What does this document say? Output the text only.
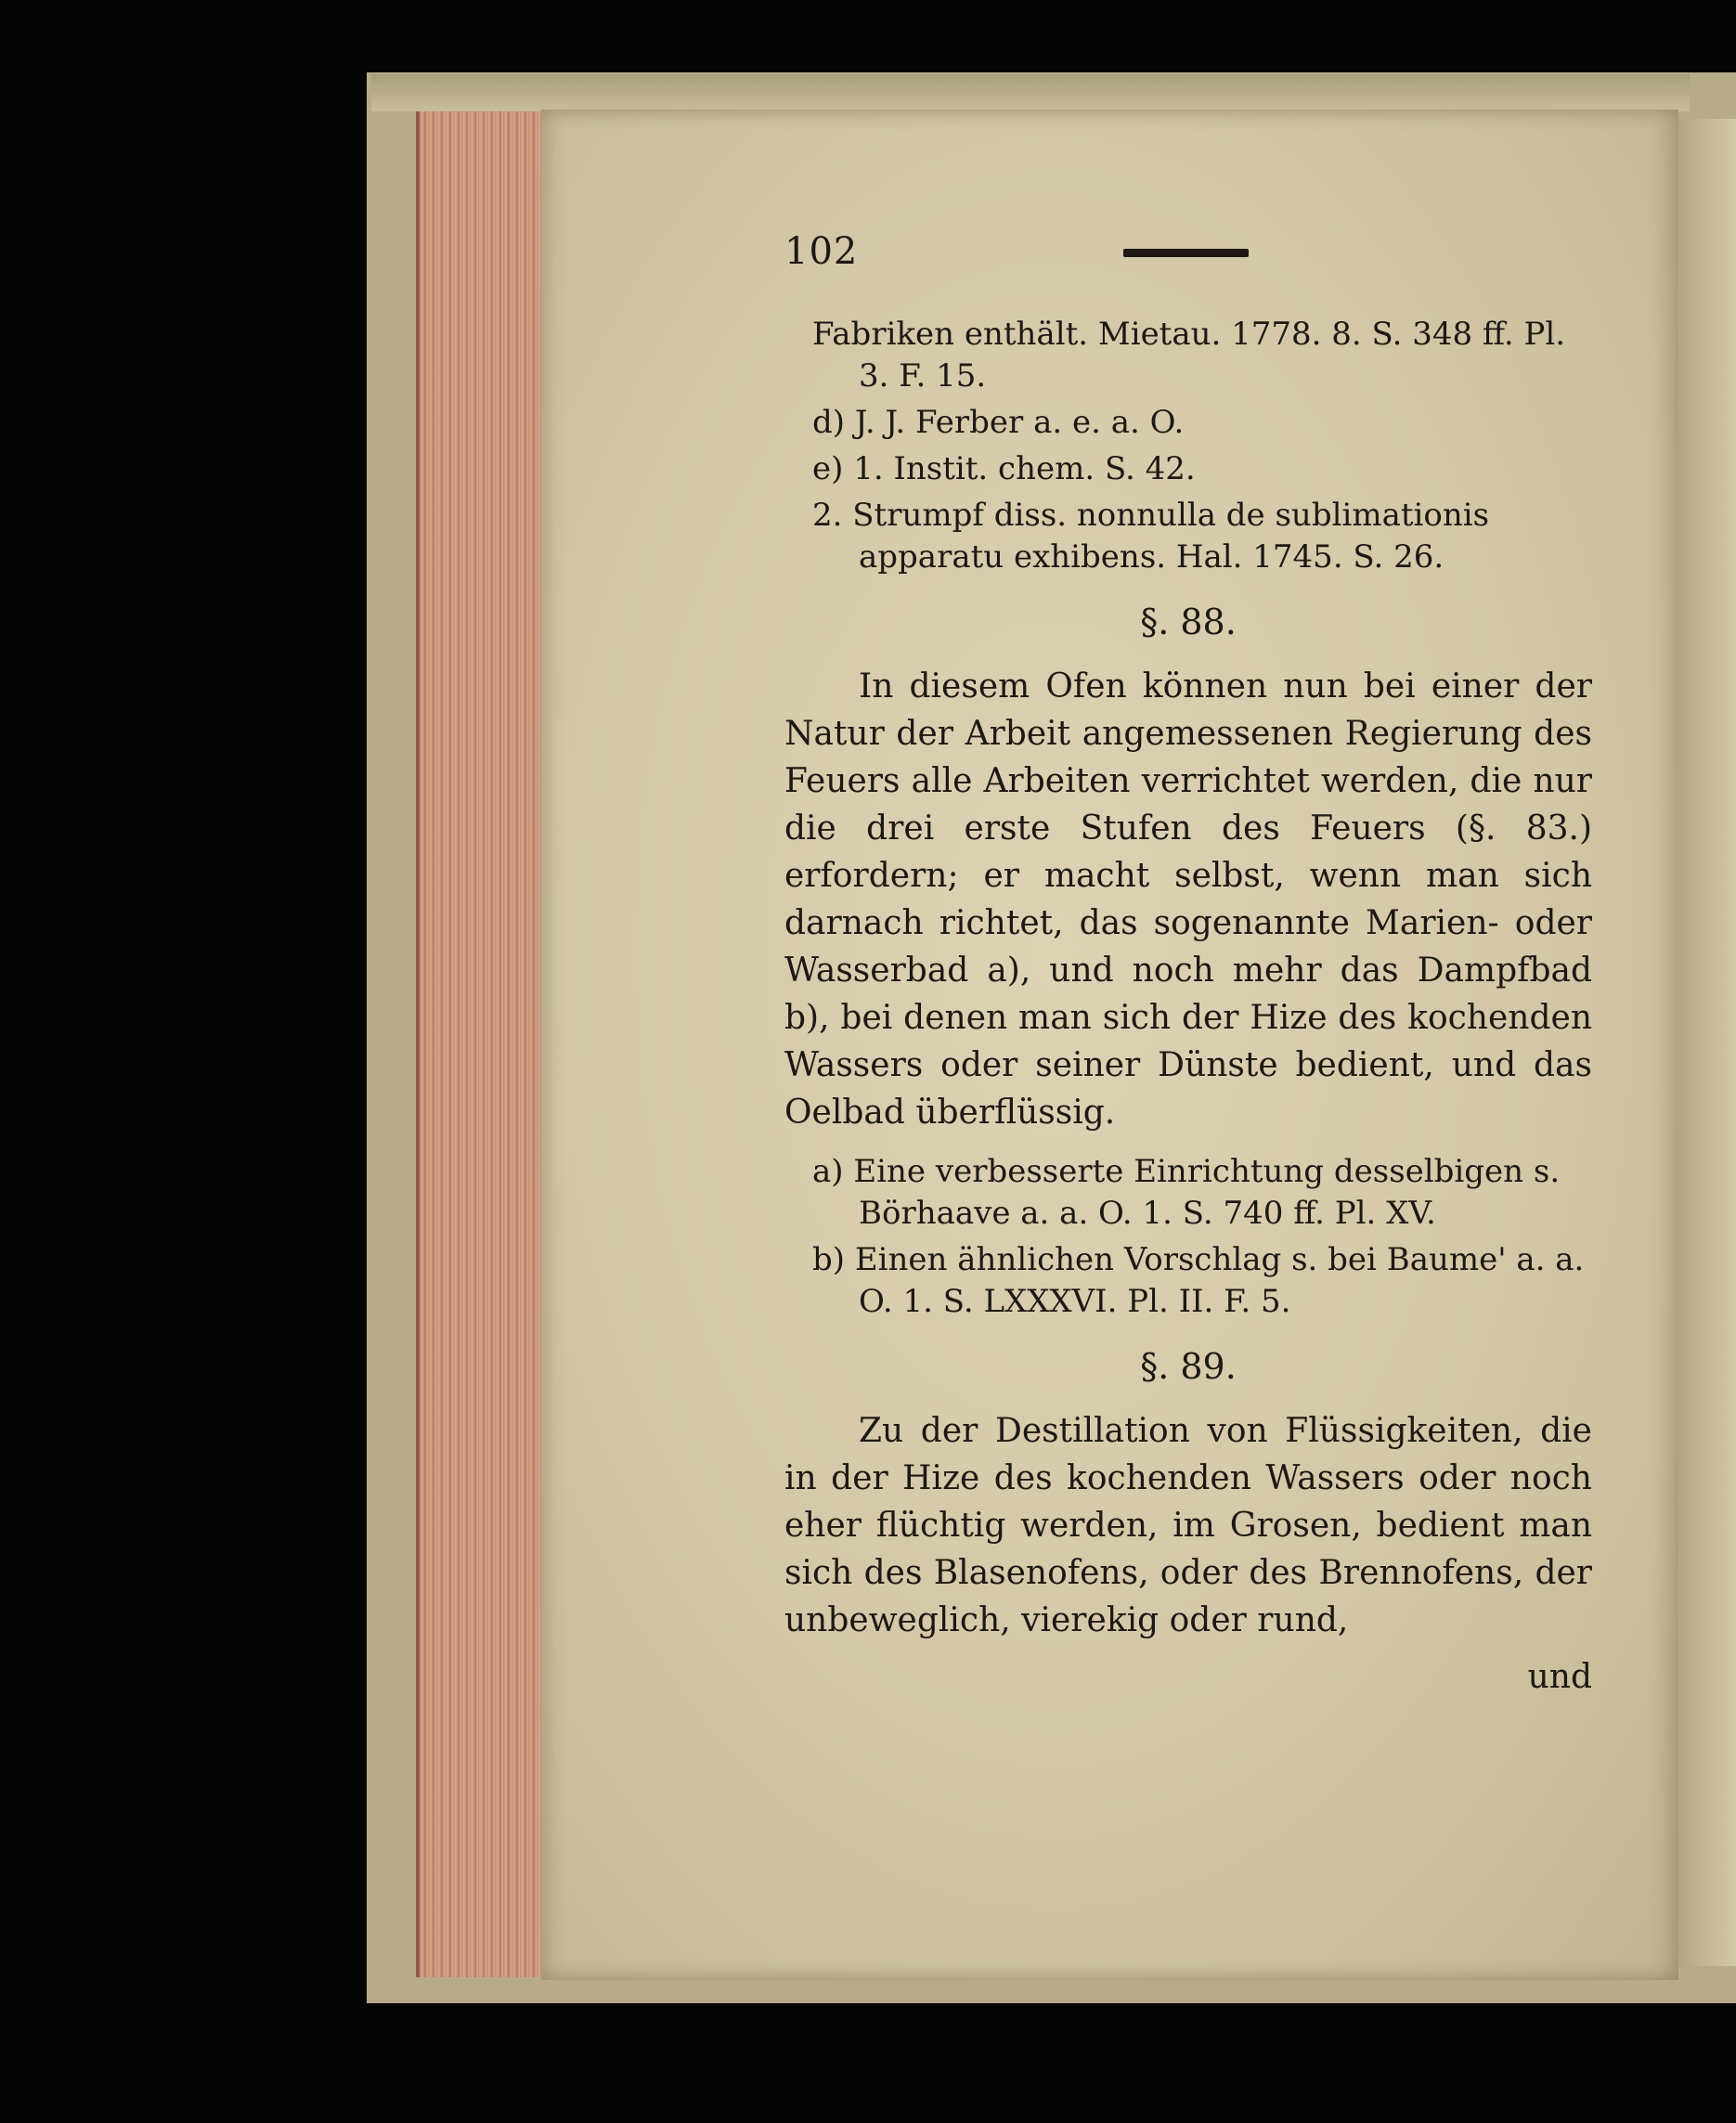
102

Fabriken enthält. Mietau. 1778. 8. S. 348 ff. Pl. 3. F. 15.

d) J. J. Ferber a. e. a. O.

e) 1. Instit. chem. S. 42.

2. Strumpf diss. nonnulla de sublimationis apparatu exhibens. Hal. 1745. S. 26.

§. 88.

In diesem Ofen können nun bei einer der Natur der Arbeit angemessenen Regierung des Feuers alle Arbeiten verrichtet werden, die nur die drei erste Stufen des Feuers (§. 83.) erfordern; er macht selbst, wenn man sich darnach richtet, das sogenannte Marien- oder Wasserbad a), und noch mehr das Dampfbad b), bei denen man sich der Hize des kochenden Wassers oder seiner Dünste bedient, und das Oelbad überflüssig.

a) Eine verbesserte Einrichtung desselbigen s. Börhaave a. a. O. 1. S. 740 ff. Pl. XV.

b) Einen ähnlichen Vorschlag s. bei Baume' a. a. O. 1. S. LXXXVI. Pl. II. F. 5.

§. 89.

Zu der Destillation von Flüssigkeiten, die in der Hize des kochenden Wassers oder noch eher flüchtig werden, im Grosen, bedient man sich des Blasenofens, oder des Brennofens, der unbeweglich, vierekig oder rund,

und
